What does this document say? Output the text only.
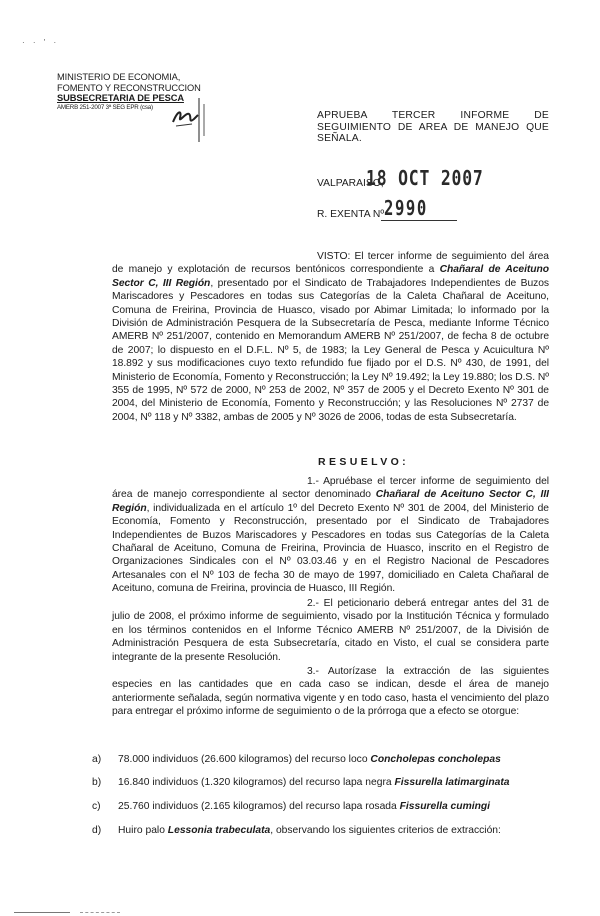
· · ' ·
MINISTERIO DE ECONOMIA,
FOMENTO Y RECONSTRUCCION
SUBSECRETARIA DE PESCA
AMERB 251-2007 3ª SEG EPR (csa)
APRUEBA TERCER INFORME DE
SEGUIMIENTO DE AREA DE MANEJO QUE
SEÑALA.
VALPARAISO,
18 OCT 2007
R. EXENTA Nº 2990
VISTO: El tercer informe de seguimiento del área de manejo y explotación de recursos bentónicos correspondiente a Chañaral de Aceituno Sector C, III Región, presentado por el Sindicato de Trabajadores Independientes de Buzos Mariscadores y Pescadores en todas sus Categorías de la Caleta Chañaral de Aceituno, Comuna de Freirina, Provincia de Huasco, visado por Abimar Limitada; lo informado por la División de Administración Pesquera de la Subsecretaría de Pesca, mediante Informe Técnico AMERB Nº 251/2007, contenido en Memorandum AMERB Nº 251/2007, de fecha 8 de octubre de 2007; lo dispuesto en el D.F.L. Nº 5, de 1983; la Ley General de Pesca y Acuicultura Nº 18.892 y sus modificaciones cuyo texto refundido fue fijado por el D.S. Nº 430, de 1991, del Ministerio de Economía, Fomento y Reconstrucción; la Ley Nº 19.492; la Ley 19.880; los D.S. Nº 355 de 1995, Nº 572 de 2000, Nº 253 de 2002, Nº 357 de 2005 y el Decreto Exento Nº 301 de 2004, del Ministerio de Economía, Fomento y Reconstrucción; y las Resoluciones Nº 2737 de 2004, Nº 118 y Nº 3382, ambas de 2005 y Nº 3026 de 2006, todas de esta Subsecretaría.
RESUELVO:
1.- Apruébase el tercer informe de seguimiento del área de manejo correspondiente al sector denominado Chañaral de Aceituno Sector C, III Región, individualizada en el artículo 1º del Decreto Exento Nº 301 de 2004, del Ministerio de Economía, Fomento y Reconstrucción, presentado por el Sindicato de Trabajadores Independientes de Buzos Mariscadores y Pescadores en todas sus Categorías de la Caleta Chañaral de Aceituno, Comuna de Freirina, Provincia de Huasco, inscrito en el Registro de Organizaciones Sindicales con el Nº 03.03.46 y en el Registro Nacional de Pescadores Artesanales con el Nº 103 de fecha 30 de mayo de 1997, domiciliado en Caleta Chañaral de Aceituno, comuna de Freirina, provincia de Huasco, III Región.
2.- El peticionario deberá entregar antes del 31 de julio de 2008, el próximo informe de seguimiento, visado por la Institución Técnica y formulado en los términos contenidos en el Informe Técnico AMERB Nº 251/2007, de la División de Administración Pesquera de esta Subsecretaría, citado en Visto, el cual se considera parte integrante de la presente Resolución.
3.- Autorízase la extracción de las siguientes especies en las cantidades que en cada caso se indican, desde el área de manejo anteriormente señalada, según normativa vigente y en todo caso, hasta el vencimiento del plazo para entregar el próximo informe de seguimiento o de la prórroga que a efecto se otorgue:
a) 78.000 individuos (26.600 kilogramos) del recurso loco Concholepas concholepas
b) 16.840 individuos (1.320 kilogramos) del recurso lapa negra Fissurella latimarginata
c) 25.760 individuos (2.165 kilogramos) del recurso lapa rosada Fissurella cumingi
d) Huiro palo Lessonia trabeculata, observando los siguientes criterios de extracción:
